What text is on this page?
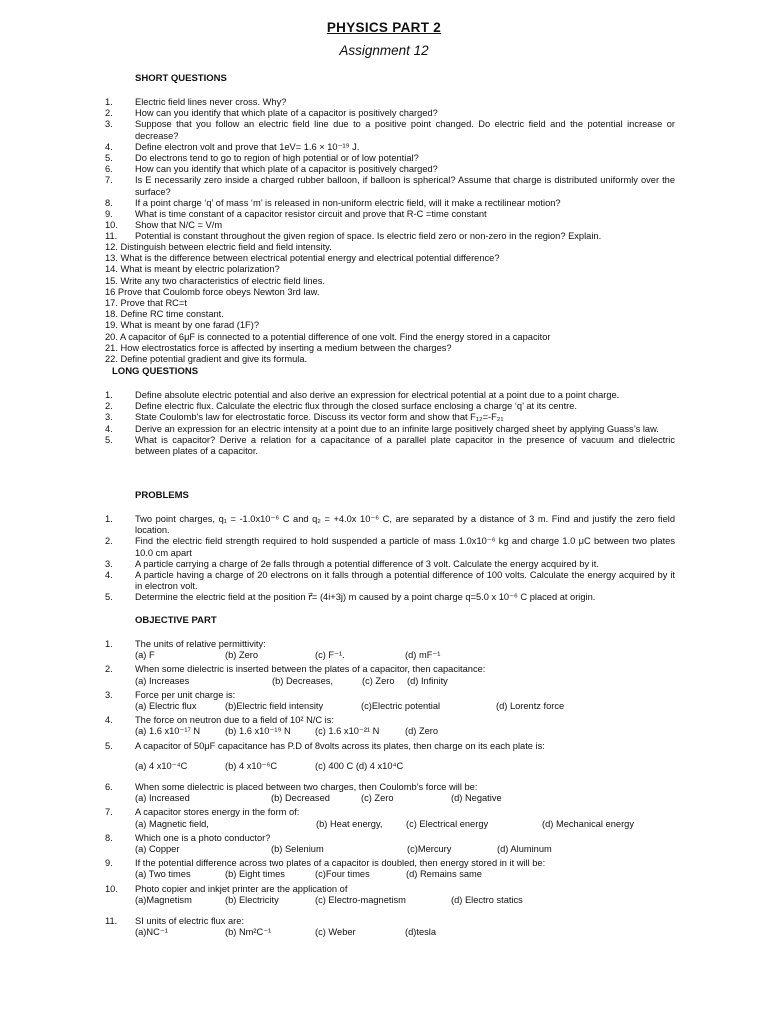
PHYSICS PART 2
Assignment 12
SHORT QUESTIONS
1.	Electric field lines never cross. Why?
2.	How can you identify that which plate of a capacitor is positively charged?
3.	Suppose that you follow an electric field line due to a positive point changed. Do electric field and the potential increase or decrease?
4.	Define electron volt and prove that 1eV= 1.6 × 10⁻¹⁹ J.
5.	Do electrons tend to go to region of high potential or of low potential?
6.	How can you identify that which plate of a capacitor is positively charged?
7.	Is E necessarily zero inside a charged rubber balloon, if balloon is spherical? Assume that charge is distributed uniformly over the surface?
8.	If a point charge ‘q’ of mass ‘m’ is released in non-uniform electric field, will it make a rectilinear motion?
9.	What is time constant of a capacitor resistor circuit and prove that R-C =time constant
10.	Show that N/C = V/m
11.	Potential is constant throughout the given region of space. Is electric field zero or non-zero in the region? Explain.
12. Distinguish between electric field and field intensity.
13. What is the difference between electrical potential energy and electrical potential difference?
14. What is meant by electric polarization?
15. Write any two characteristics of electric field lines.
16 Prove that Coulomb force obeys Newton 3rd law.
17. Prove that RC=t
18. Define RC time constant.
19. What is meant by one farad (1F)?
20. A capacitor of 6μF is connected to a potential difference of one volt. Find the energy stored in a capacitor
21. How electrostatics force is affected by inserting a medium between the charges?
22. Define potential gradient and give its formula.
LONG QUESTIONS
1.	Define absolute electric potential and also derive an expression for electrical potential at a point due to a point charge.
2.	Define electric flux. Calculate the electric flux through the closed surface enclosing a charge ‘q’ at its centre.
3.	State Coulomb’s law for electrostatic force. Discuss its vector form and show that F₁₂=-F₂₁
4.	Derive an expression for an electric intensity at a point due to an infinite large positively charged sheet by applying Guass’s law.
5.	What is capacitor? Derive a relation for a capacitance of a parallel plate capacitor in the presence of vacuum and dielectric between plates of a capacitor.
PROBLEMS
1.	Two point charges, q₁ = -1.0x10⁻⁶ C and q₂ = +4.0x 10⁻⁶ C, are separated by a distance of 3 m. Find and justify the zero field location.
2.	Find the electric field strength required to hold suspended a particle of mass 1.0x10⁻⁶ kg and charge 1.0 μC between two plates 10.0 cm apart
3.	A particle carrying a charge of 2e falls through a potential difference of 3 volt. Calculate the energy acquired by it.
4.	A particle having a charge of 20 electrons on it falls through a potential difference of 100 volts. Calculate the energy acquired by it in electron volt.
5.	Determine the electric field at the position r⃗= (4i+3j) m caused by a point charge q=5.0 x 10⁻⁶ C placed at origin.
OBJECTIVE PART
1.	The units of relative permittivity:
(a) F	(b) Zero	(c) F⁻¹.	(d) mF⁻¹
2.	When some dielectric is inserted between the plates of a capacitor, then capacitance:
(a) Increases	(b) Decreases,	(c) Zero	(d) Infinity
3.	Force per unit charge is:
(a) Electric flux	(b)Electric field intensity	(c)Electric potential	(d) Lorentz force
4.	The force on neutron due to a field of 10² N/C is:
(a) 1.6 x10⁻¹⁷ N	(b) 1.6 x10⁻¹⁹ N	(c) 1.6 x10⁻²¹ N	(d) Zero
5.	A capacitor of 50μF capacitance has P.D of 8volts across its plates, then charge on its each plate is:
(a) 4 x10⁻⁴C	(b) 4 x10⁻⁶C	(c) 400 C (d) 4 x10⁴C
6.	When some dielectric is placed between two charges, then Coulomb’s force will be:
(a) Increased	(b) Decreased	(c) Zero	(d) Negative
7.	A capacitor stores energy in the form of:
(a) Magnetic field,	(b) Heat energy,	(c) Electrical energy	(d) Mechanical energy
8.	Which one is a photo conductor?
(a) Copper	(b) Selenium	(c)Mercury	(d) Aluminum
9.	If the potential difference across two plates of a capacitor is doubled, then energy stored in it will be:
(a) Two times	(b) Eight times	(c)Four times	(d) Remains same
10.	Photo copier and inkjet printer are the application of
(a)Magnetism	(b) Electricity	(c) Electro-magnetism	(d) Electro statics
11.	SI units of electric flux are:
(a)NC⁻¹	(b) Nm²C⁻¹	(c) Weber	(d)tesla
